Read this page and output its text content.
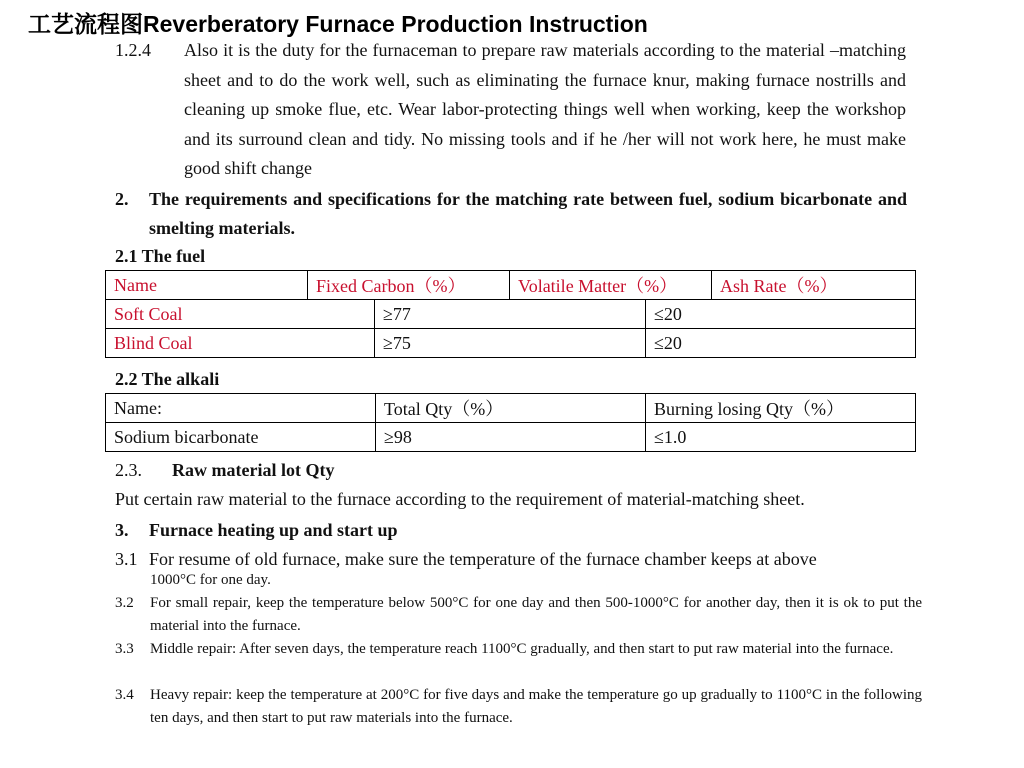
工艺流程图Reverberatory Furnace Production Instruction
1.2.4 Also it is the duty for the furnaceman to prepare raw materials according to the material –matching sheet and to do the work well, such as eliminating the furnace knur, making furnace nostrills and cleaning up smoke flue, etc. Wear labor-protecting things well when working, keep the workshop and its surround clean and tidy. No missing tools and if he /her will not work here, he must make good shift change
2. The requirements and specifications for the matching rate between fuel, sodium bicarbonate and smelting materials.
2.1 The fuel
Name	Fixed Carbon（%）		Volatile Matter（%）		Ash Rate（%）
Soft Coal		≥77		≤20	
Blind Coal		≥75		≤20	
2.2 The alkali
Name:	Total Qty（%）	Burning losing Qty（%）
Sodium bicarbonate	≥98	≤1.0
2.3. Raw material lot Qty
Put certain raw material to the furnace according to the requirement of material-matching sheet.
3. Furnace heating up and start up
3.1 For resume of old furnace, make sure the temperature of the furnace chamber keeps at above
1000°C for one day.
3.2 For small repair, keep the temperature below 500°C for one day and then 500-1000°C for another day, then it is ok to put the material into the furnace.
3.3 Middle repair: After seven days, the temperature reach 1100°C gradually, and then start to put raw material into the furnace.
3.4 Heavy repair: keep the temperature at 200°C for five days and make the temperature go up gradually to 1100°C in the following ten days, and then start to put raw materials into the furnace.
